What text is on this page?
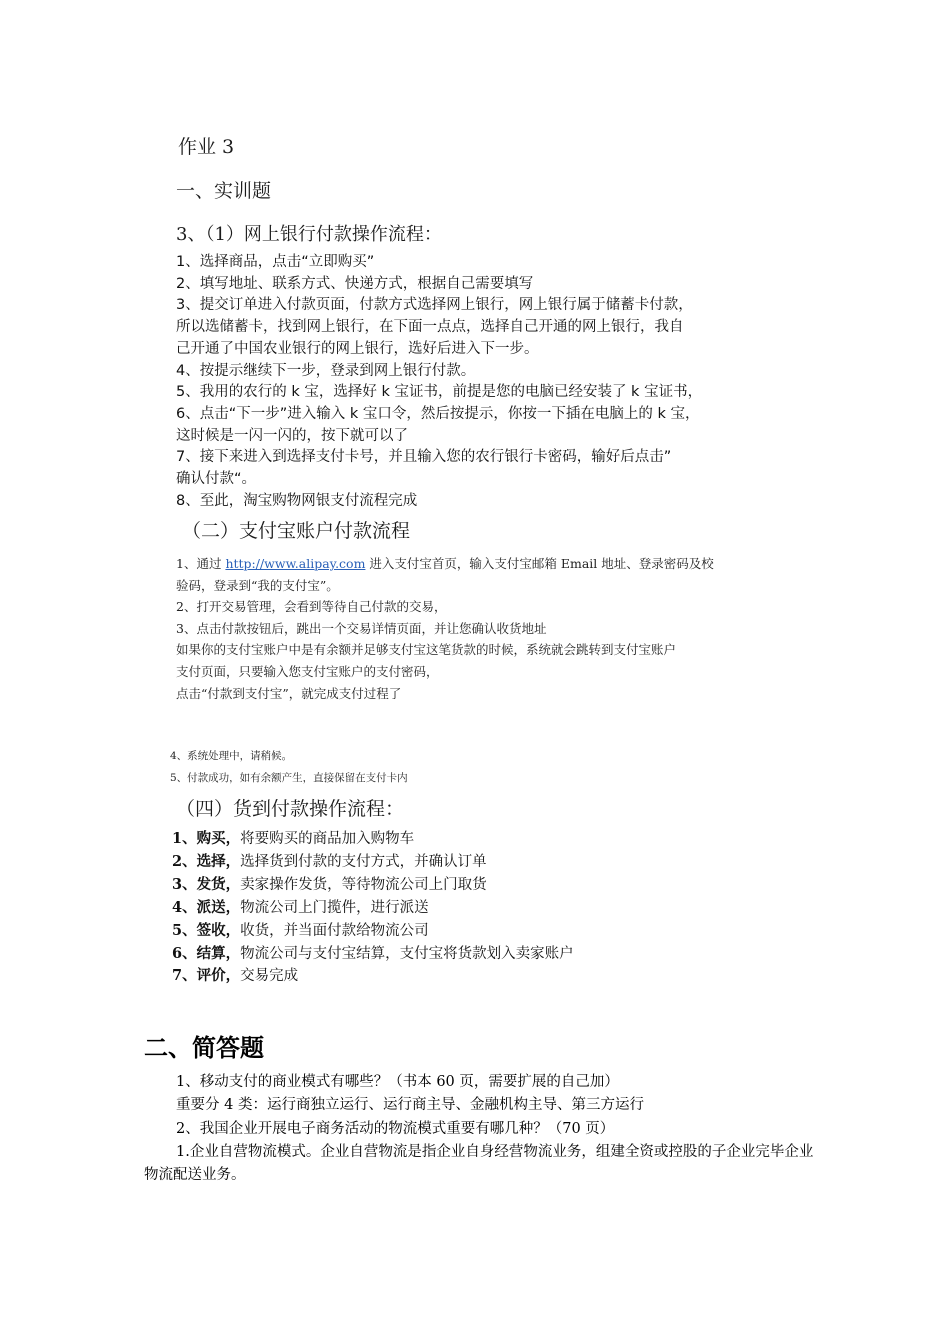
作业 3
一、实训题
3、（1）网上银行付款操作流程：
1、选择商品，点击“立即购买”
2、填写地址、联系方式、快递方式，根据自己需要填写
3、提交订单进入付款页面，付款方式选择网上银行，网上银行属于储蓄卡付款，
所以选储蓄卡，找到网上银行，在下面一点点，选择自己开通的网上银行，我自
己开通了中国农业银行的网上银行，选好后进入下一步。
4、按提示继续下一步，登录到网上银行付款。
5、我用的农行的 k 宝，选择好 k 宝证书，前提是您的电脑已经安装了 k 宝证书，
6、点击“下一步”进入输入 k 宝口令，然后按提示，你按一下插在电脑上的 k 宝，
这时候是一闪一闪的，按下就可以了
7、接下来进入到选择支付卡号，并且输入您的农行银行卡密码，输好后点击”
确认付款“。
8、至此，淘宝购物网银支付流程完成
（二）支付宝账户付款流程
1、通过 http://www.alipay.com 进入支付宝首页，输入支付宝邮箱 Email 地址、登录密码及校
验码，登录到“我的支付宝”。
2、打开交易管理，会看到等待自己付款的交易，
3、点击付款按钮后，跳出一个交易详情页面，并让您确认收货地址
如果你的支付宝账户中是有余额并足够支付宝这笔货款的时候，系统就会跳转到支付宝账户
支付页面，只要输入您支付宝账户的支付密码，
点击“付款到支付宝”，就完成支付过程了
4、系统处理中，请稍候。
5、付款成功，如有余额产生，直接保留在支付卡内
（四）货到付款操作流程：
1、购买，将要购买的商品加入购物车
2、选择，选择货到付款的支付方式，并确认订单
3、发货，卖家操作发货，等待物流公司上门取货
4、派送，物流公司上门揽件，进行派送
5、签收，收货，并当面付款给物流公司
6、结算，物流公司与支付宝结算，支付宝将货款划入卖家账户
7、评价，交易完成
二、简答题
1、移动支付的商业模式有哪些？（书本 60 页，需要扩展的自己加）
重要分 4 类：运行商独立运行、运行商主导、金融机构主导、第三方运行
2、我国企业开展电子商务活动的物流模式重要有哪几种？（70 页）
1.企业自营物流模式。企业自营物流是指企业自身经营物流业务，组建全资或控股的子企业完毕企业物流配送业务。
